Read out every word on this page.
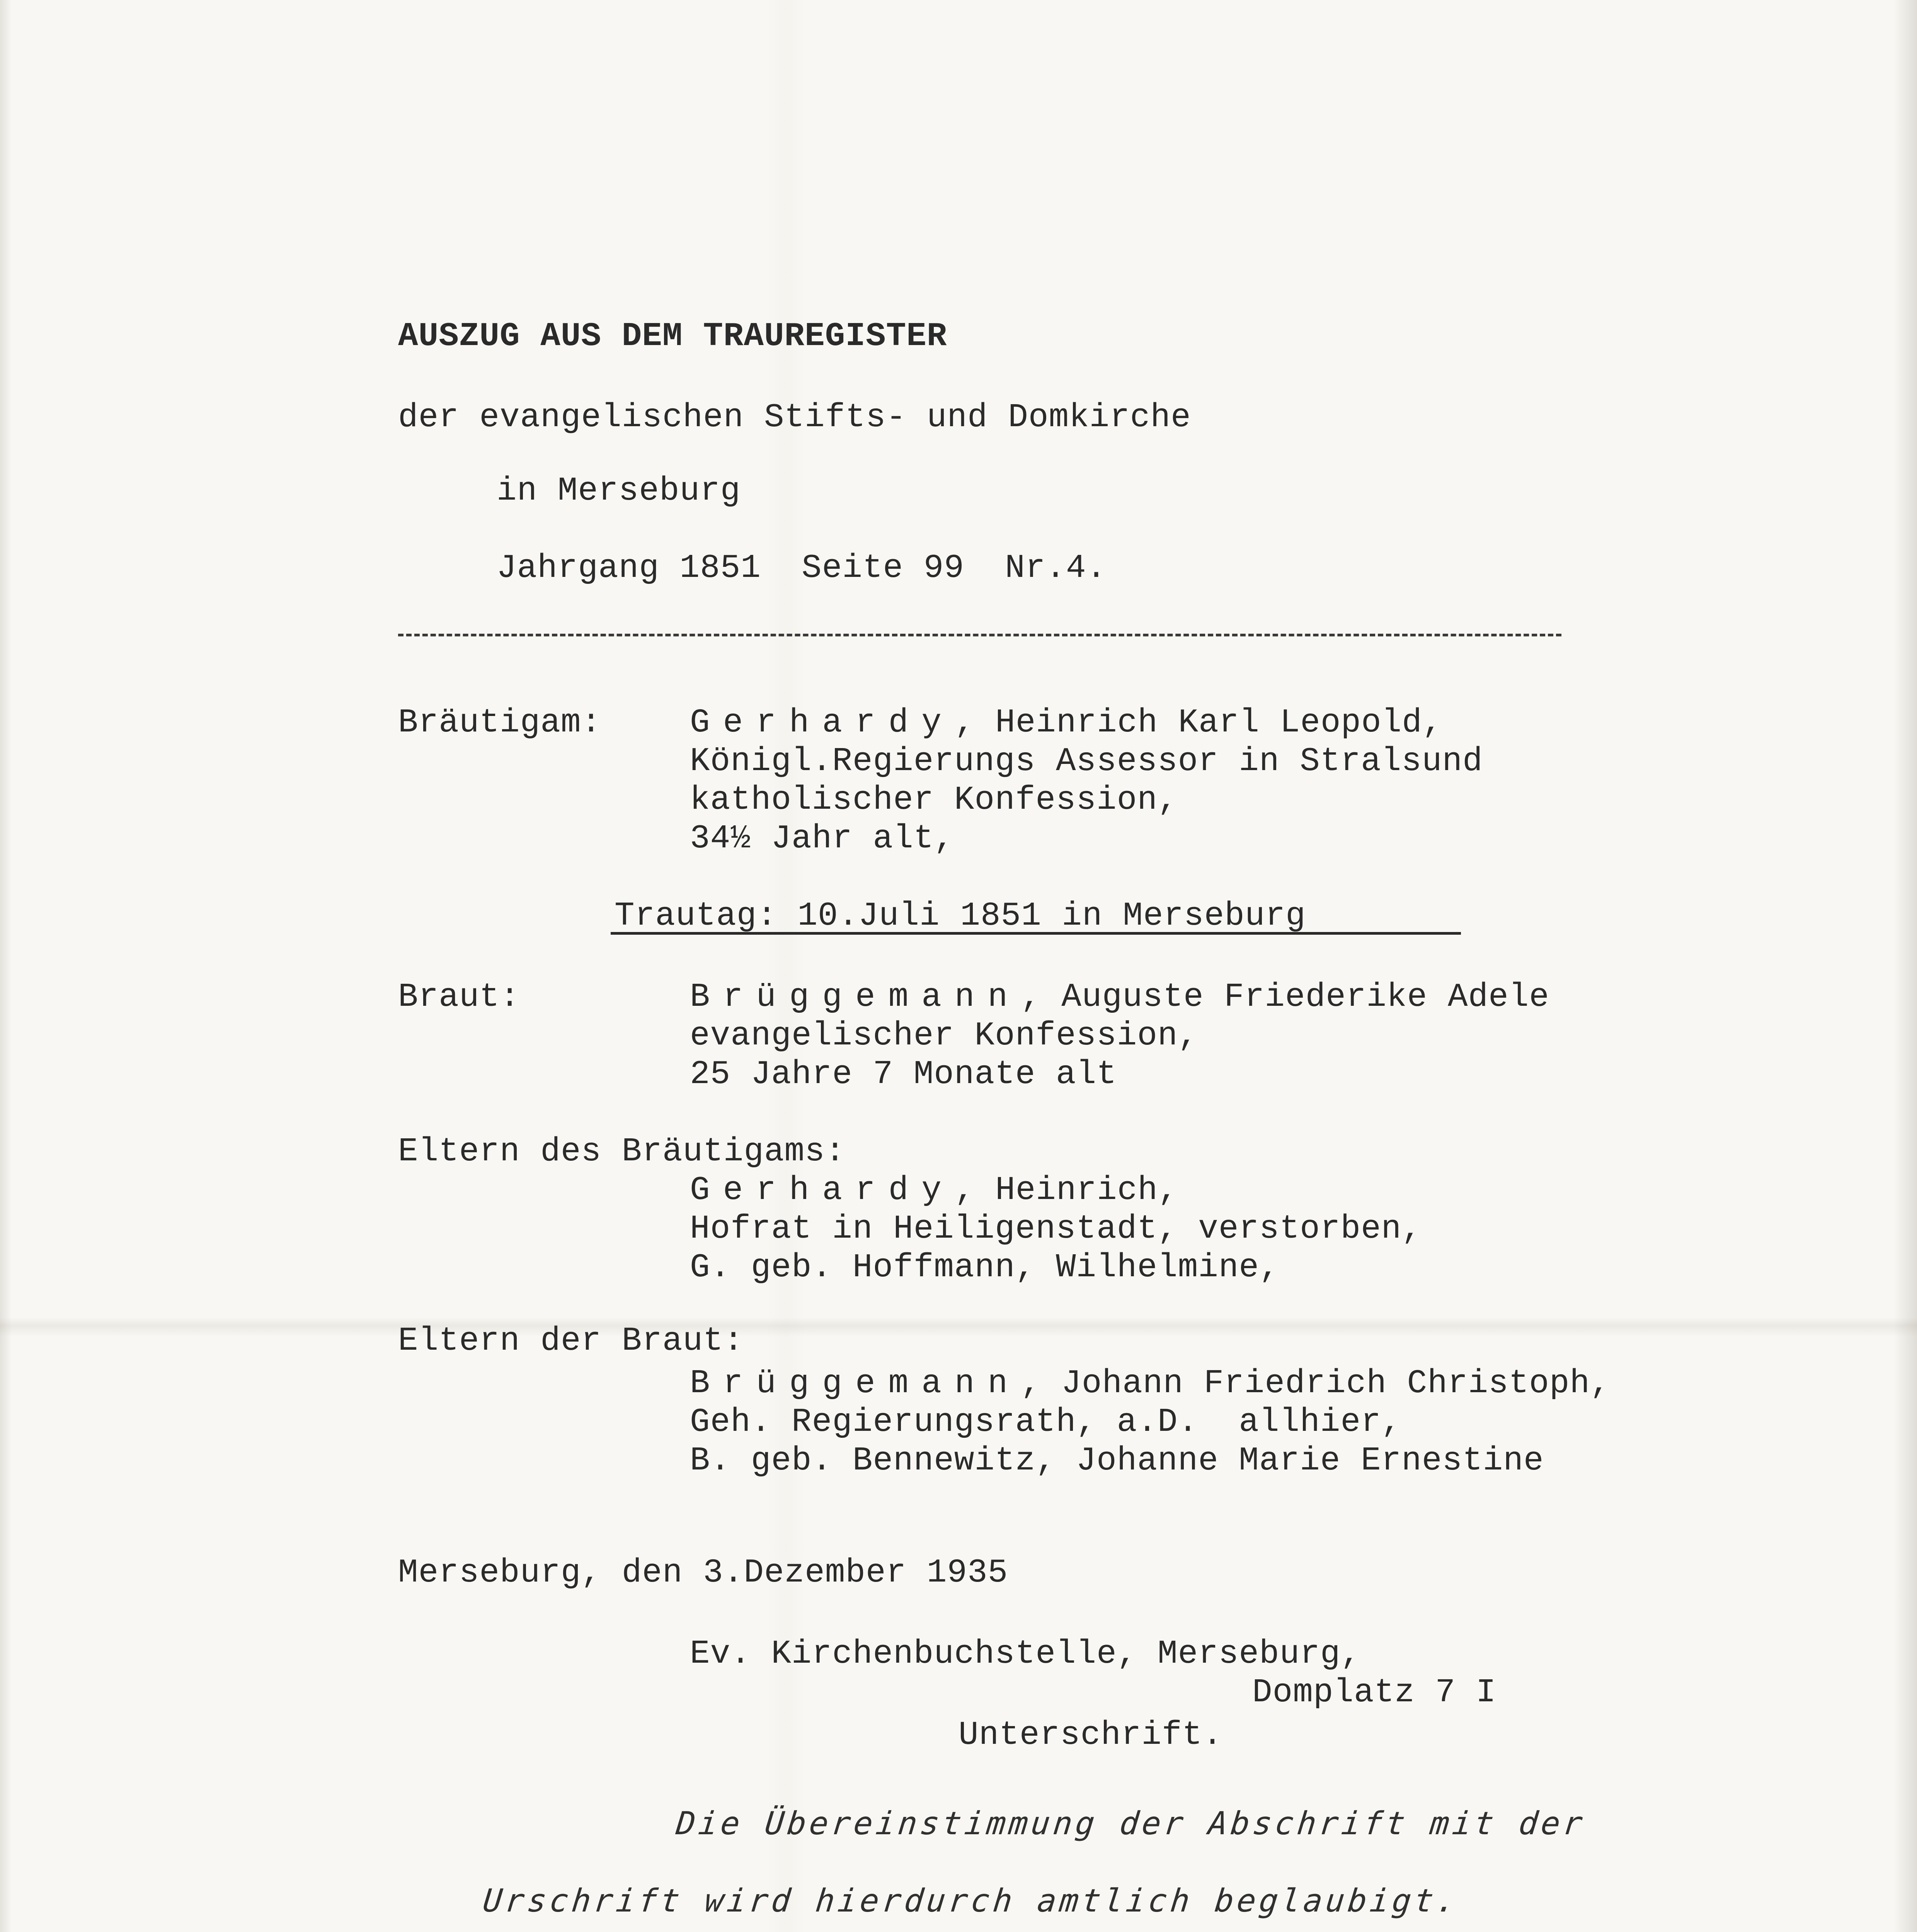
AUSZUG AUS DEM TRAUREGISTER
der evangelischen Stifts- und Domkirche
in Merseburg
Jahrgang 1851  Seite 99  Nr.4.
Bräutigam:	Gerhardy, Heinrich Karl Leopold,
Königl.Regierungs Assessor in Stralsund
katholischer Konfession,
34½ Jahr alt,
Trautag: 10.Juli 1851 in Merseburg
Braut:	Brüggemann, Auguste Friederike Adele
evangelischer Konfession,
25 Jahre 7 Monate alt
Eltern des Bräutigams:
Gerhardy, Heinrich,
Hofrat in Heiligenstadt, verstorben,
G. geb. Hoffmann, Wilhelmine,
Eltern der Braut:
Brüggemann, Johann Friedrich Christoph,
Geh. Regierungsrath, a.D.  allhier,
B. geb. Bennewitz, Johanne Marie Ernestine
Merseburg, den 3.Dezember 1935
Ev. Kirchenbuchstelle, Merseburg,
Domplatz 7 I
Unterschrift.
Die Übereinstimmung der Abschrift mit der
Urschrift wird hierdurch amtlich beglaubigt.
